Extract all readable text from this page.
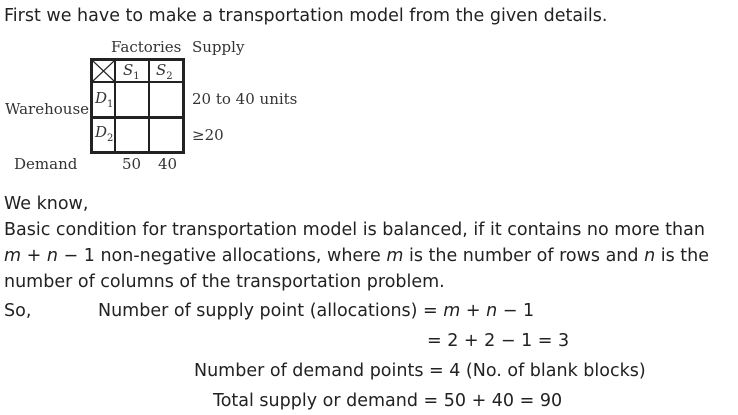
First we have to make a transportation model from the given details.
Factories Supply
Warehouse
Demand
20 to 40 units
≥20
50 40
$S_1$ $S_2$
$D_1$
$D_2$
We know,
Basic condition for transportation model is balanced, if it contains no more than
m + n − 1 non-negative allocations, where m is the number of rows and n is the
number of columns of the transportation problem.
So,	Number of supply point (allocations) = m + n − 1
= 2 + 2 − 1 = 3
Number of demand points = 4 (No. of blank blocks)
Total supply or demand = 50 + 40 = 90
